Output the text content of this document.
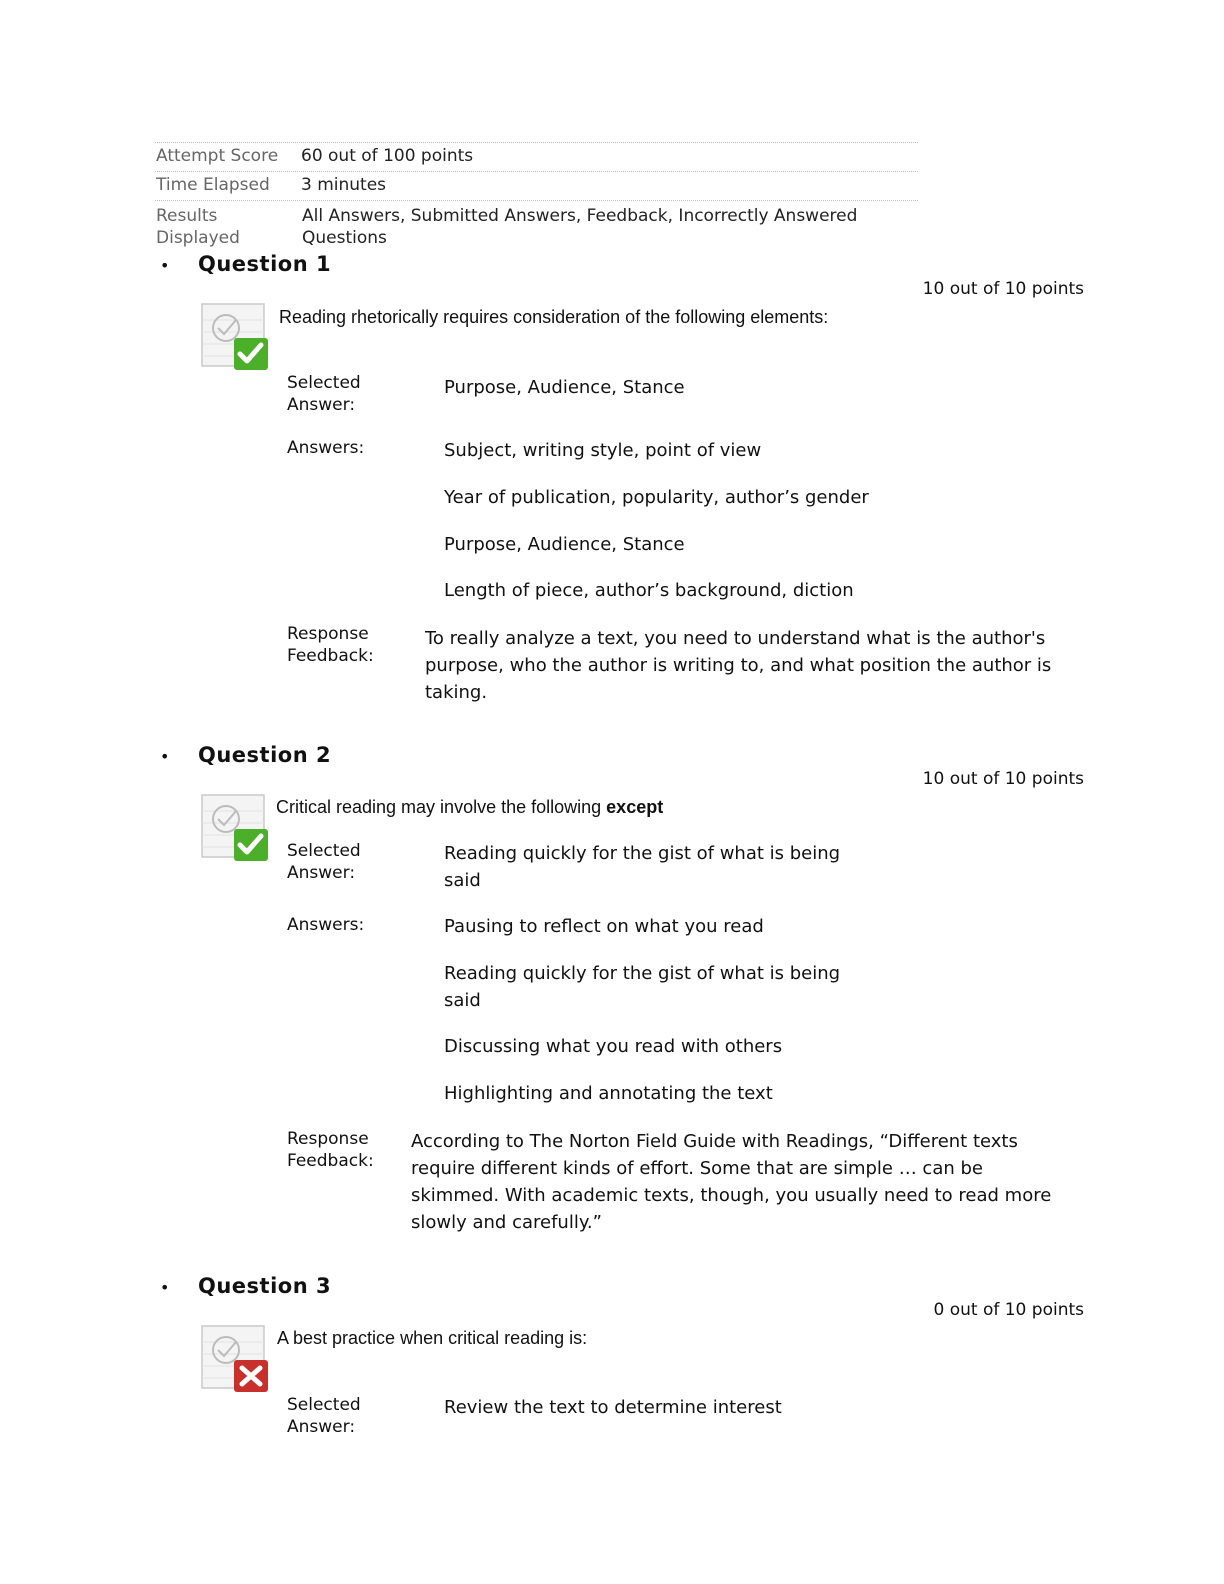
Attempt Score 60 out of 100 points
Time Elapsed 3 minutes
Results Displayed
All Answers, Submitted Answers, Feedback, Incorrectly Answered Questions
• Question 1
10 out of 10 points
Reading rhetorically requires consideration of the following elements:
Selected Answer:
Purpose, Audience, Stance
Answers:	Subject, writing style, point of view
Year of publication, popularity, author’s gender
Purpose, Audience, Stance
Length of piece, author’s background, diction
Response Feedback:
To really analyze a text, you need to understand what is the author's purpose, who the author is writing to, and what position the author is taking.
• Question 2
10 out of 10 points
Critical reading may involve the following except
Selected Answer:
Reading quickly for the gist of what is being said
Answers:	Pausing to reflect on what you read
Reading quickly for the gist of what is being said
Discussing what you read with others
Highlighting and annotating the text
Response Feedback:
According to The Norton Field Guide with Readings, “Different texts require different kinds of effort. Some that are simple … can be skimmed. With academic texts, though, you usually need to read more slowly and carefully.”
• Question 3
0 out of 10 points
A best practice when critical reading is:
Selected Answer:
Review the text to determine interest
